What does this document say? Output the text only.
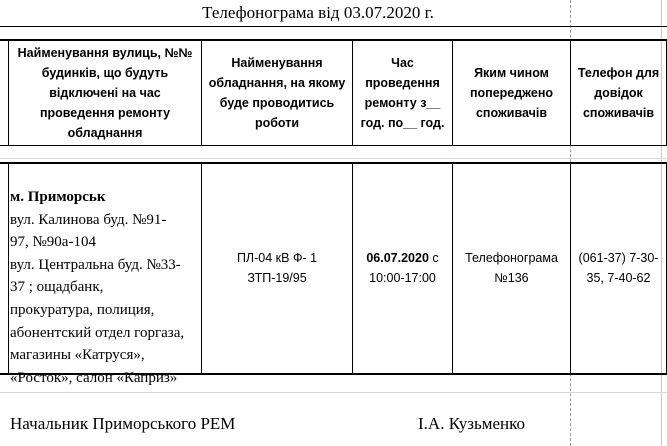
Телефонограма від 03.07.2020 г.
Найменування вулиць, №№ будинків, що будуть відключені на час проведення ремонту обладнання
Найменування обладнання, на якому буде проводитись роботи
Час проведення ремонту з__ год. по__ год.
Яким чином попереджено споживачів
Телефон для довідок споживачів
м. Приморськ
вул. Калинова буд. №91-
97, №90а-104
вул. Центральна буд. №33-
37 ; ощадбанк,
прокуратура, полиция,
абонентский отдел горгаза,
магазины «Катруся»,
«Росток», салон «Каприз»
ПЛ-04 кВ Ф- 1 ЗТП-19/95
06.07.2020 с
10:00-17:00
Телефонограма №136
(061-37) 7-30-35, 7-40-62
Начальник Приморського РЕМ	І.А. Кузьменко
